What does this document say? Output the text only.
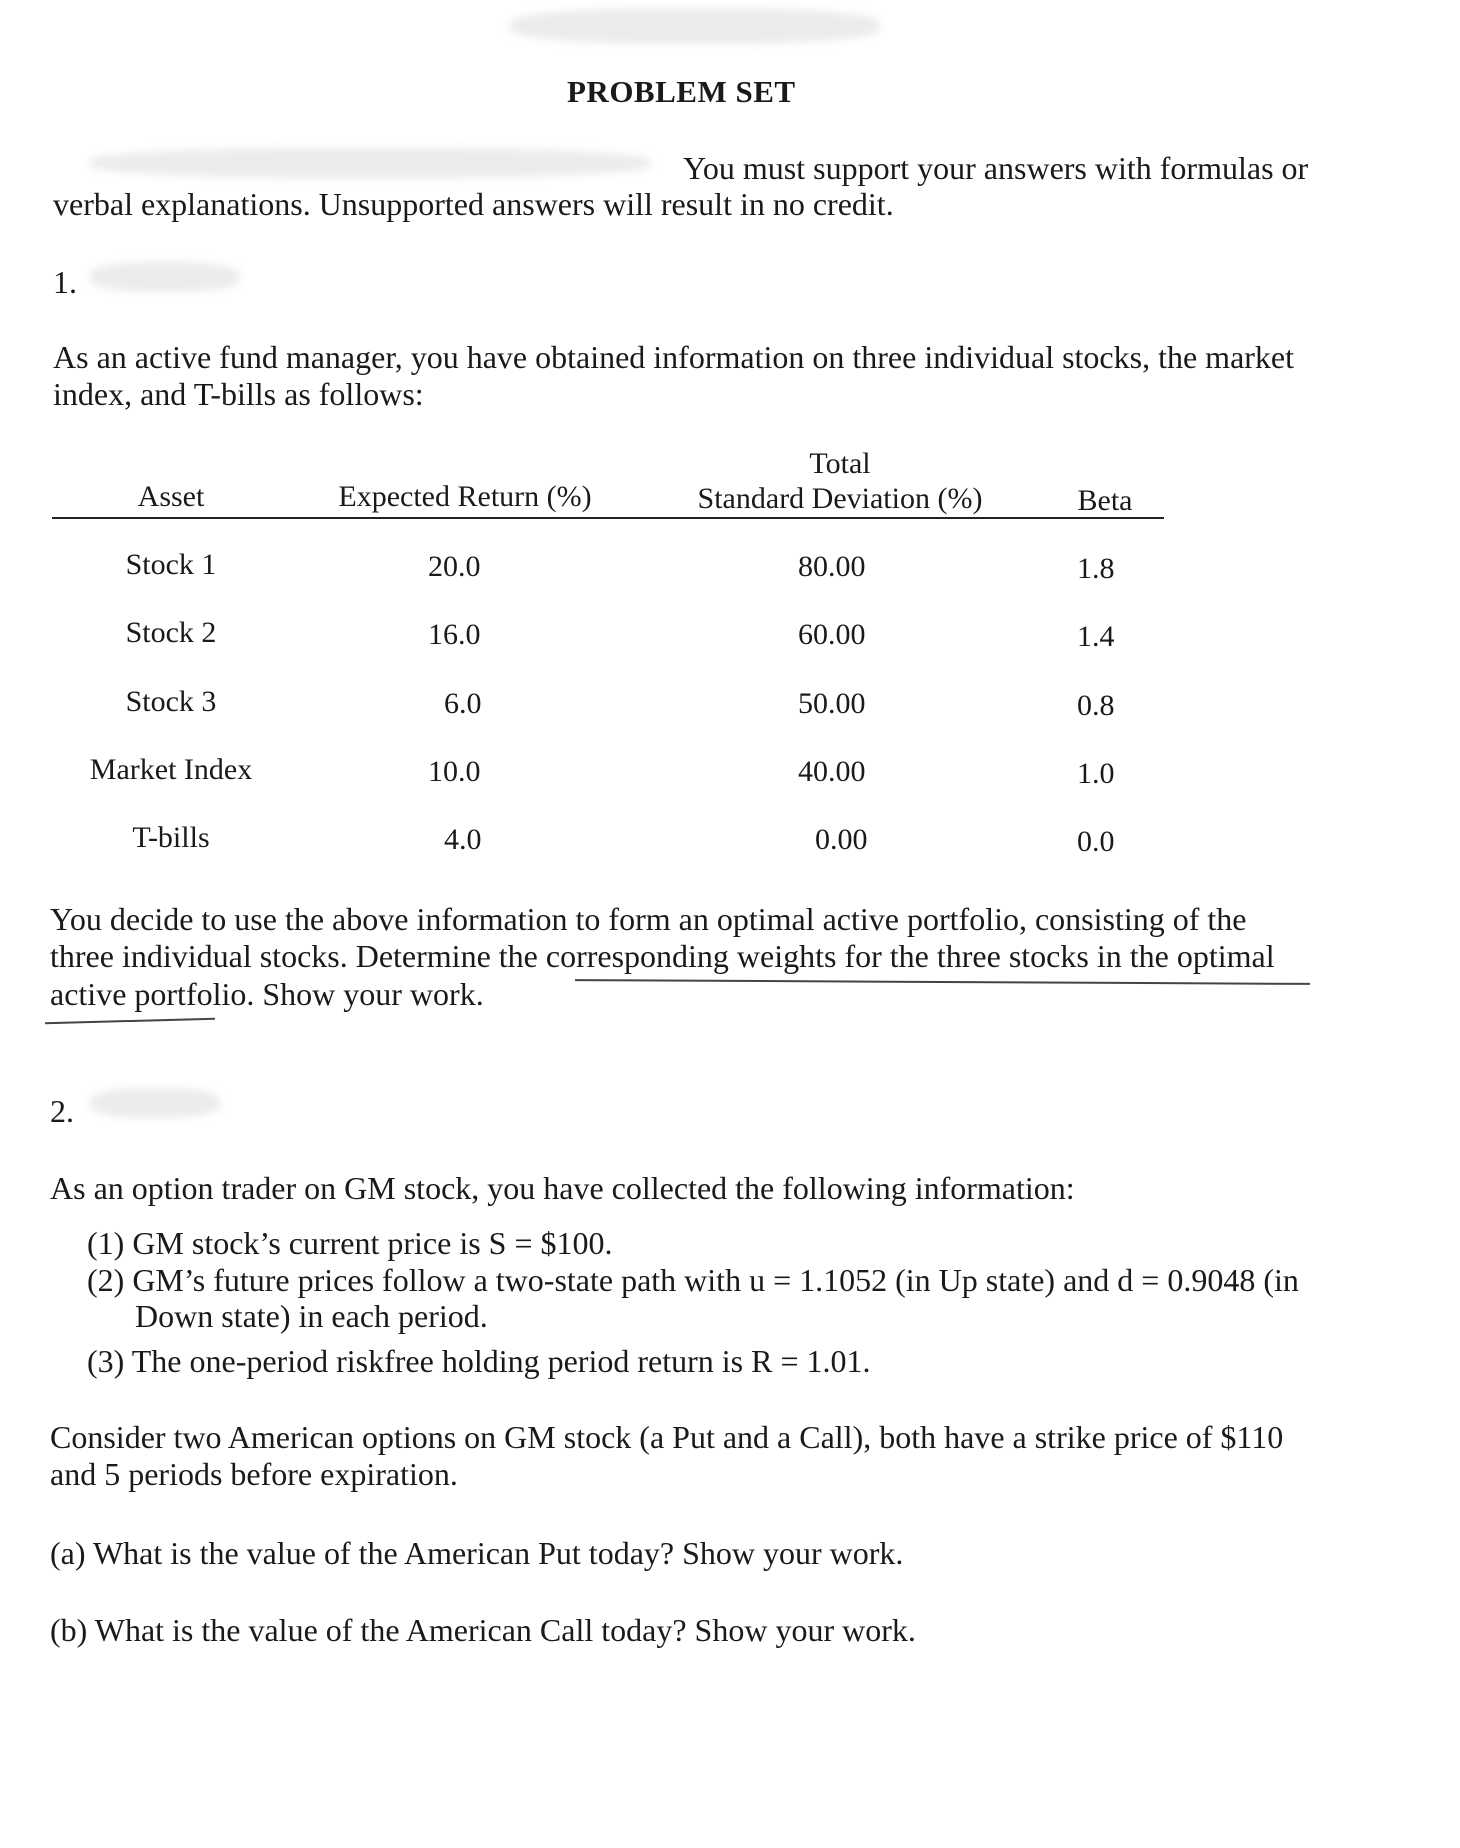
PROBLEM SET
You must support your answers with formulas or
verbal explanations. Unsupported answers will result in no credit.
1.
As an active fund manager, you have obtained information on three individual stocks, the market
index, and T-bills as follows:
Total
Asset	Expected Return (%)	Standard Deviation (%)	Beta
Stock 1	20.0	80.00	1.8
Stock 2	16.0	60.00	1.4
Stock 3	6.0	50.00	0.8
Market Index	10.0	40.00	1.0
T-bills	4.0	0.00	0.0
You decide to use the above information to form an optimal active portfolio, consisting of the
three individual stocks. Determine the corresponding weights for the three stocks in the optimal
active portfolio. Show your work.
2.
As an option trader on GM stock, you have collected the following information:
(1) GM stock’s current price is S = $100.
(2) GM’s future prices follow a two-state path with u = 1.1052 (in Up state) and d = 0.9048 (in
Down state) in each period.
(3) The one-period riskfree holding period return is R = 1.01.
Consider two American options on GM stock (a Put and a Call), both have a strike price of $110
and 5 periods before expiration.
(a) What is the value of the American Put today? Show your work.
(b) What is the value of the American Call today? Show your work.
